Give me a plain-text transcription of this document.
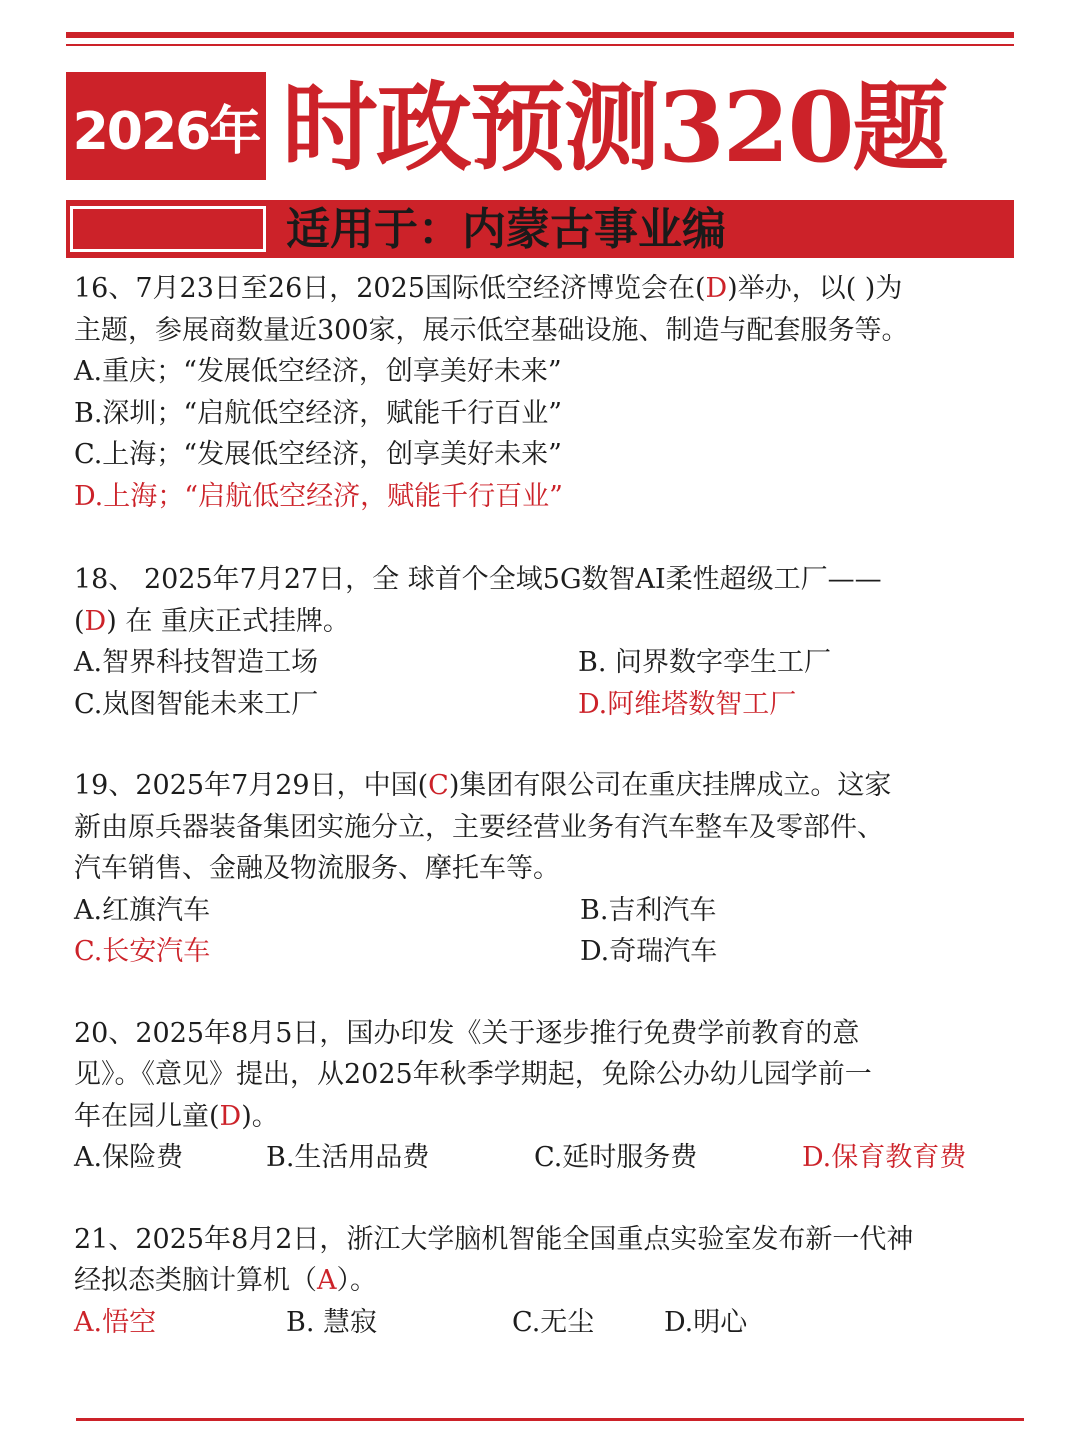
2026年 时政预测320题
适用于：内蒙古事业编
16、7月23日至26日，2025国际低空经济博览会在(D)举办，以( )为
主题，参展商数量近300家，展示低空基础设施、制造与配套服务等。
A.重庆；“发展低空经济，创享美好未来”
B.深圳；“启航低空经济，赋能千行百业”
C.上海；“发展低空经济，创享美好未来”
D.上海；“启航低空经济，赋能千行百业”
18、 2025年7月27日，全 球首个全域5G数智AI柔性超级工厂——
(D) 在 重庆正式挂牌。
A.智界科技智造工场	B. 问界数字孪生工厂
C.岚图智能未来工厂	D.阿维塔数智工厂
19、2025年7月29日，中国(C)集团有限公司在重庆挂牌成立。这家
新由原兵器装备集团实施分立，主要经营业务有汽车整车及零部件、
汽车销售、金融及物流服务、摩托车等。
A.红旗汽车	B.吉利汽车
C.长安汽车	D.奇瑞汽车
20、2025年8月5日，国办印发《关于逐步推行免费学前教育的意
见》。《意见》提出，从2025年秋季学期起，免除公办幼儿园学前一
年在园儿童(D)。
A.保险费	B.生活用品费	C.延时服务费	D.保育教育费
21、2025年8月2日，浙江大学脑机智能全国重点实验室发布新一代神
经拟态类脑计算机（A）。
A.悟空	B. 慧寂	C.无尘	D.明心
